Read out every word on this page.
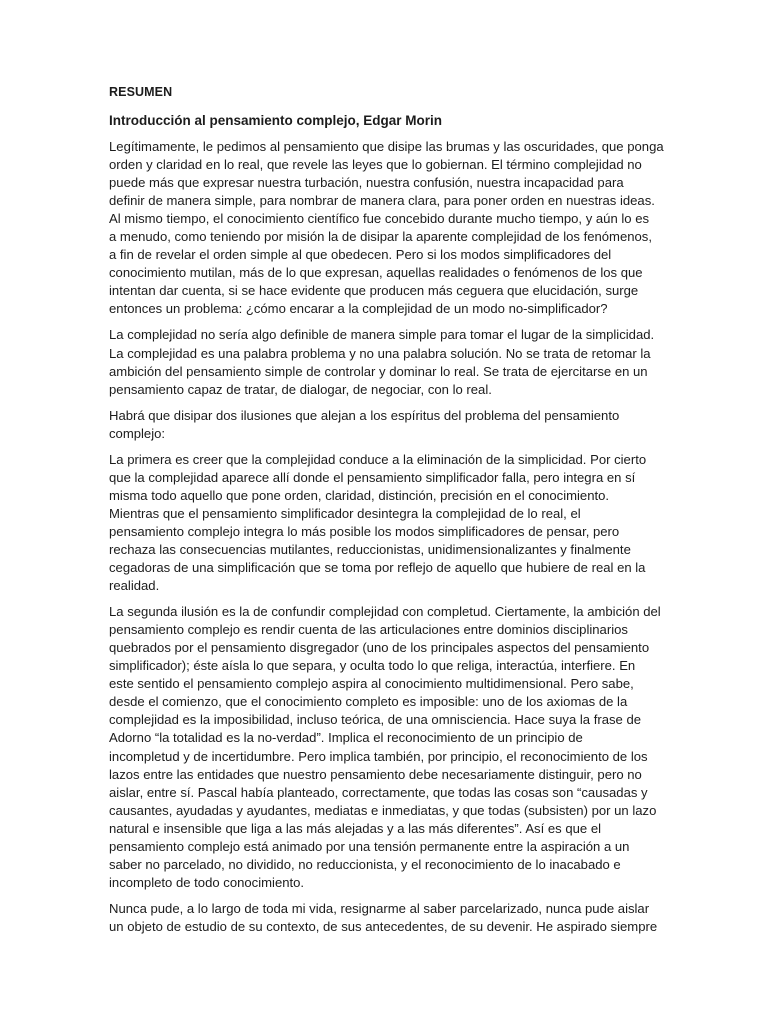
RESUMEN
Introducción al pensamiento complejo, Edgar Morin

Legítimamente, le pedimos al pensamiento que disipe las brumas y las oscuridades, que ponga
orden y claridad en lo real, que revele las leyes que lo gobiernan. El término complejidad no
puede más que expresar nuestra turbación, nuestra confusión, nuestra incapacidad para
definir de manera simple, para nombrar de manera clara, para poner orden en nuestras ideas.
Al mismo tiempo, el conocimiento científico fue concebido durante mucho tiempo, y aún lo es
a menudo, como teniendo por misión la de disipar la aparente complejidad de los fenómenos,
a fin de revelar el orden simple al que obedecen. Pero si los modos simplificadores del
conocimiento mutilan, más de lo que expresan, aquellas realidades o fenómenos de los que
intentan dar cuenta, si se hace evidente que producen más ceguera que elucidación, surge
entonces un problema: ¿cómo encarar a la complejidad de un modo no-simplificador?

La complejidad no sería algo definible de manera simple para tomar el lugar de la simplicidad.
La complejidad es una palabra problema y no una palabra solución. No se trata de retomar la
ambición del pensamiento simple de controlar y dominar lo real. Se trata de ejercitarse en un
pensamiento capaz de tratar, de dialogar, de negociar, con lo real.

Habrá que disipar dos ilusiones que alejan a los espíritus del problema del pensamiento
complejo:

La primera es creer que la complejidad conduce a la eliminación de la simplicidad. Por cierto
que la complejidad aparece allí donde el pensamiento simplificador falla, pero integra en sí
misma todo aquello que pone orden, claridad, distinción, precisión en el conocimiento.
Mientras que el pensamiento simplificador desintegra la complejidad de lo real, el
pensamiento complejo integra lo más posible los modos simplificadores de pensar, pero
rechaza las consecuencias mutilantes, reduccionistas, unidimensionalizantes y finalmente
cegadoras de una simplificación que se toma por reflejo de aquello que hubiere de real en la
realidad.

La segunda ilusión es la de confundir complejidad con completud. Ciertamente, la ambición del
pensamiento complejo es rendir cuenta de las articulaciones entre dominios disciplinarios
quebrados por el pensamiento disgregador (uno de los principales aspectos del pensamiento
simplificador); éste aísla lo que separa, y oculta todo lo que religa, interactúa, interfiere. En
este sentido el pensamiento complejo aspira al conocimiento multidimensional. Pero sabe,
desde el comienzo, que el conocimiento completo es imposible: uno de los axiomas de la
complejidad es la imposibilidad, incluso teórica, de una omnisciencia. Hace suya la frase de
Adorno “la totalidad es la no-verdad”. Implica el reconocimiento de un principio de
incompletud y de incertidumbre. Pero implica también, por principio, el reconocimiento de los
lazos entre las entidades que nuestro pensamiento debe necesariamente distinguir, pero no
aislar, entre sí. Pascal había planteado, correctamente, que todas las cosas son “causadas y
causantes, ayudadas y ayudantes, mediatas e inmediatas, y que todas (subsisten) por un lazo
natural e insensible que liga a las más alejadas y a las más diferentes”. Así es que el
pensamiento complejo está animado por una tensión permanente entre la aspiración a un
saber no parcelado, no dividido, no reduccionista, y el reconocimiento de lo inacabado e
incompleto de todo conocimiento.

Nunca pude, a lo largo de toda mi vida, resignarme al saber parcelarizado, nunca pude aislar
un objeto de estudio de su contexto, de sus antecedentes, de su devenir. He aspirado siempre
